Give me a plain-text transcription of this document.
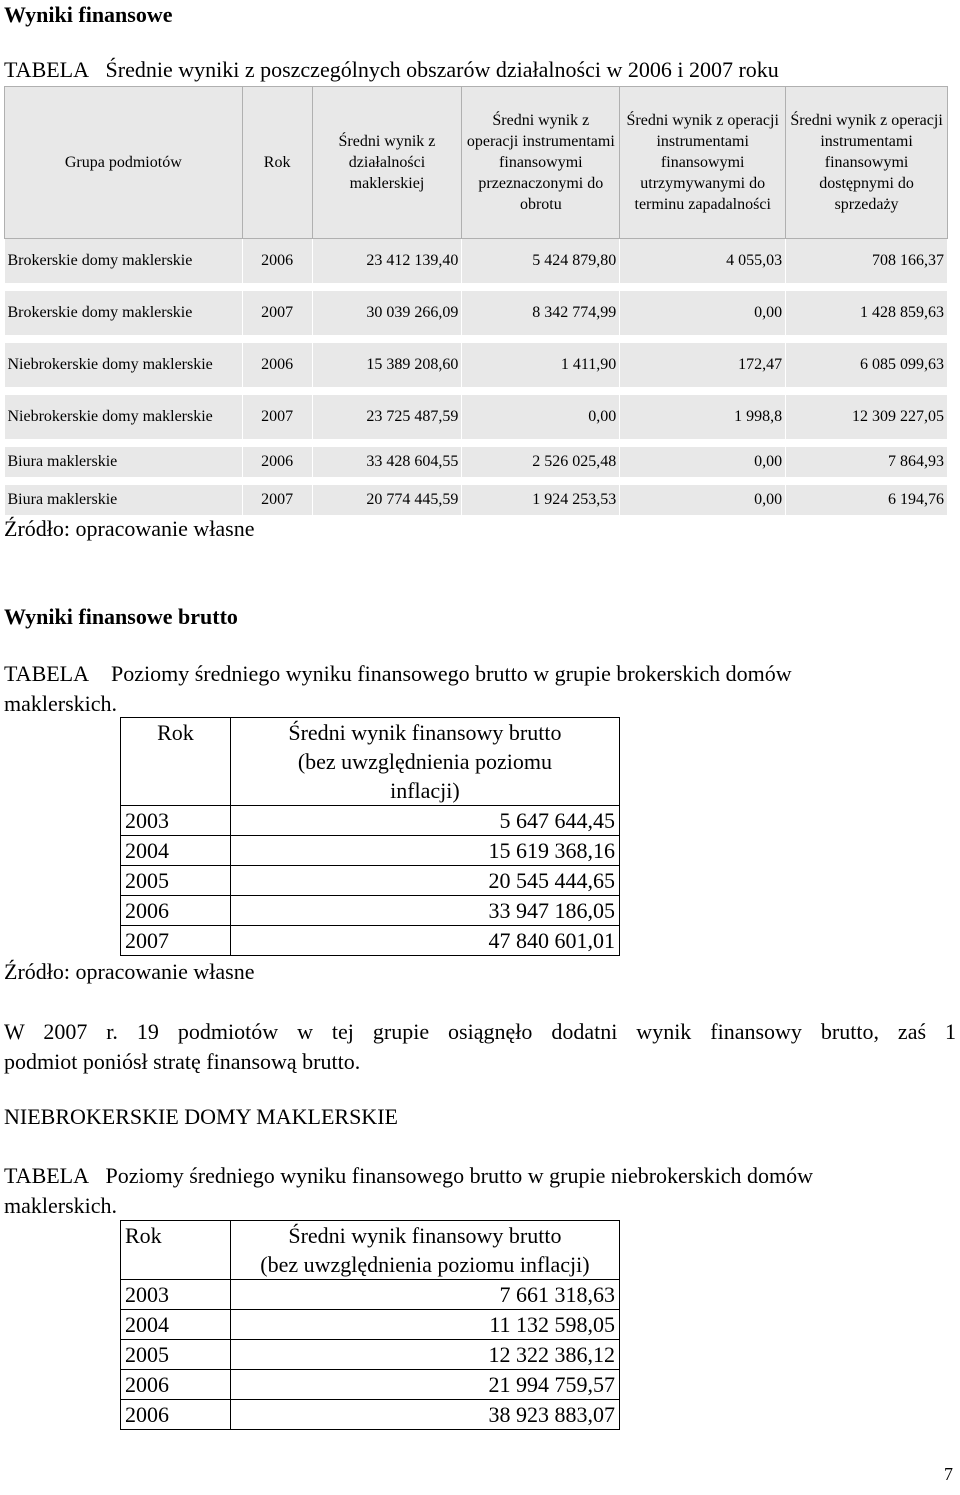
Wyniki finansowe
TABELA Średnie wyniki z poszczególnych obszarów działalności w 2006 i 2007 roku
Grupa podmiotów	Rok	Średni wynik z działalności maklerskiej	Średni wynik z operacji instrumentami finansowymi przeznaczonymi do obrotu	Średni wynik z operacji instrumentami finansowymi utrzymywanymi do terminu zapadalności	Średni wynik z operacji instrumentami finansowymi dostępnymi do sprzedaży
Brokerskie domy maklerskie	2006	23 412 139,40	5 424 879,80	4 055,03	708 166,37

Brokerskie domy maklerskie	2007	30 039 266,09	8 342 774,99	0,00	1 428 859,63

Niebrokerskie domy maklerskie	2006	15 389 208,60	1 411,90	172,47	6 085 099,63

Niebrokerskie domy maklerskie	2007	23 725 487,59	0,00	1 998,8	12 309 227,05

Biura maklerskie	2006	33 428 604,55	2 526 025,48	0,00	7 864,93

Biura maklerskie	2007	20 774 445,59	1 924 253,53	0,00	6 194,76
Źródło: opracowanie własne
Wyniki finansowe brutto
TABELA Poziomy średniego wyniku finansowego brutto w grupie brokerskich domów
maklerskich.
Rok	Średni wynik finansowy brutto
(bez uwzględnienia poziomu
inflacji)

2003	5 647 644,45
2004	15 619 368,16
2005	20 545 444,65
2006	33 947 186,05
2007	47 840 601,01
Źródło: opracowanie własne
W 2007 r. 19 podmiotów w tej grupie osiągnęło dodatni wynik finansowy brutto, zaś 1
podmiot poniósł stratę finansową brutto.
NIEBROKERSKIE DOMY MAKLERSKIE
TABELA Poziomy średniego wyniku finansowego brutto w grupie niebrokerskich domów
maklerskich.
Rok	Średni wynik finansowy brutto
(bez uwzględnienia poziomu inflacji)

2003	7 661 318,63
2004	11 132 598,05
2005	12 322 386,12
2006	21 994 759,57
2006	38 923 883,07
7
